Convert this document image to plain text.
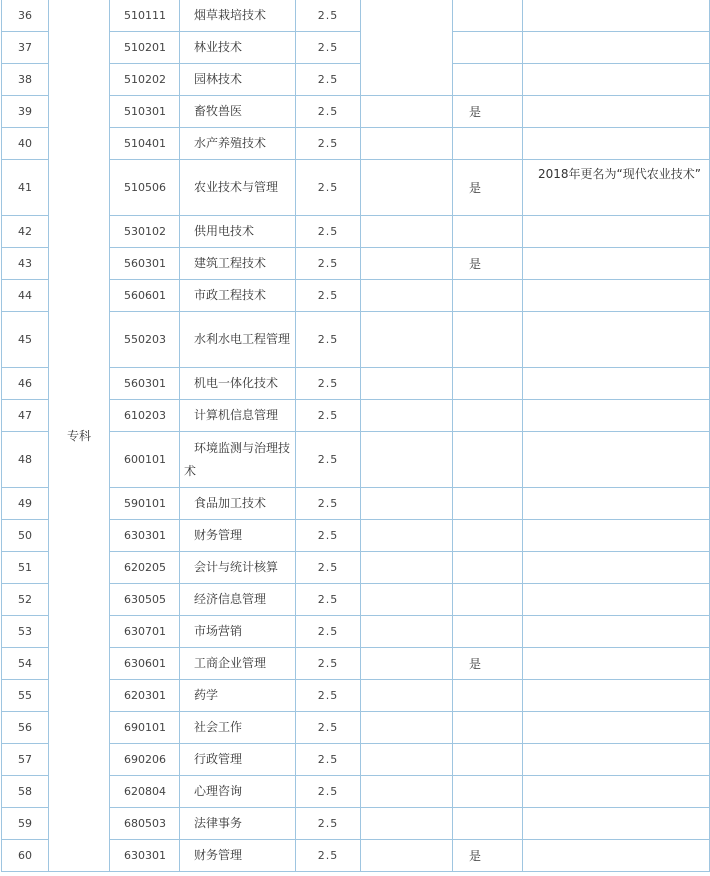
36	专科	510111	烟草栽培技术	2.5			

37		510201	林业技术	2.5			

38		510202	园林技术	2.5			

39		510301	畜牧兽医	2.5		是	

40		510401	水产养殖技术	2.5			

41		510506	农业技术与管理	2.5		是	2018年更名为“现代农业技术”

42		530102	供用电技术	2.5			

43		560301	建筑工程技术	2.5		是	

44		560601	市政工程技术	2.5			

45		550203	水利水电工程管理	2.5			

46		560301	机电一体化技术	2.5			

47		610203	计算机信息管理	2.5			

48		600101	环境监测与治理技术	2.5			

49		590101	食品加工技术	2.5			

50		630301	财务管理	2.5			

51		620205	会计与统计核算	2.5			

52		630505	经济信息管理	2.5			

53		630701	市场营销	2.5			

54		630601	工商企业管理	2.5		是	

55		620301	药学	2.5			

56		690101	社会工作	2.5			

57		690206	行政管理	2.5			

58		620804	心理咨询	2.5			

59		680503	法律事务	2.5			

60		630301	财务管理	2.5		是	
